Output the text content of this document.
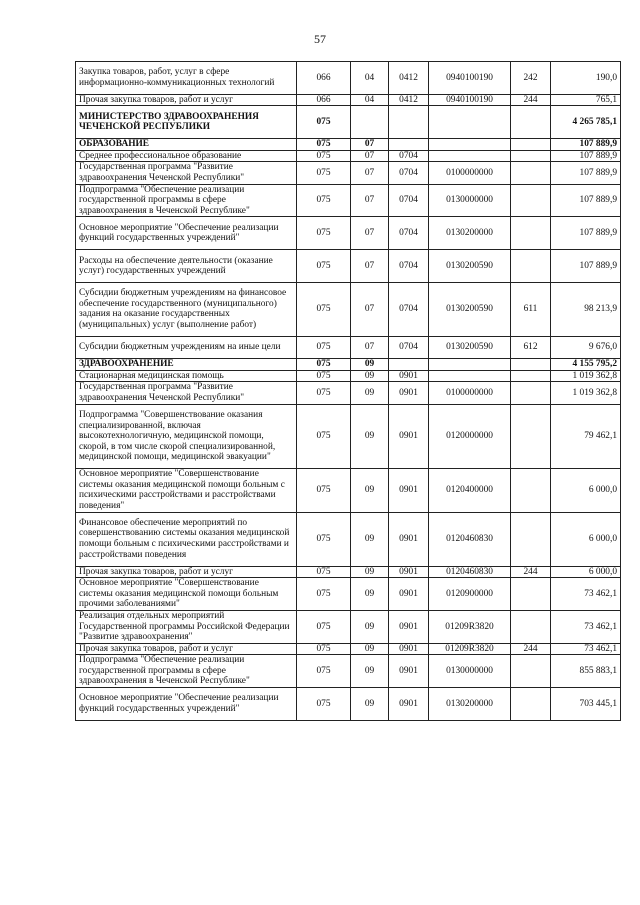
57
Закупка товаров, работ, услуг в сфере информационно-коммуникационных технологий	066	04	0412	0940100190	242	190,0
Прочая закупка товаров, работ и услуг	066	04	0412	0940100190	244	765,1
МИНИСТЕРСТВО ЗДРАВООХРАНЕНИЯ ЧЕЧЕНСКОЙ РЕСПУБЛИКИ	075					4 265 785,1
ОБРАЗОВАНИЕ	075	07				107 889,9
Среднее профессиональное образование	075	07	0704			107 889,9
Государственная программа "Развитие здравоохранения Чеченской Республики"	075	07	0704	0100000000		107 889,9
Подпрограмма "Обеспечение реализации государственной программы в сфере здравоохранения в Чеченской Республике"	075	07	0704	0130000000		107 889,9
Основное мероприятие "Обеспечение реализации функций государственных учреждений"	075	07	0704	0130200000		107 889,9
Расходы на обеспечение деятельности (оказание услуг) государственных учреждений	075	07	0704	0130200590		107 889,9
Субсидии бюджетным учреждениям на финансовое обеспечение государственного (муниципального) задания на оказание государственных (муниципальных) услуг (выполнение работ)	075	07	0704	0130200590	611	98 213,9
Субсидии бюджетным учреждениям на иные цели	075	07	0704	0130200590	612	9 676,0
ЗДРАВООХРАНЕНИЕ	075	09				4 155 795,2
Стационарная медицинская помощь	075	09	0901			1 019 362,8
Государственная программа "Развитие здравоохранения Чеченской Республики"	075	09	0901	0100000000		1 019 362,8
Подпрограмма "Совершенствование оказания специализированной, включая высокотехнологичную, медицинской помощи, скорой, в том числе скорой специализированной, медицинской помощи, медицинской эвакуации"	075	09	0901	0120000000		79 462,1
Основное мероприятие "Совершенствование системы оказания медицинской помощи больным с психическими расстройствами и расстройствами поведения"	075	09	0901	0120400000		6 000,0
Финансовое обеспечение мероприятий по совершенствованию системы оказания медицинской помощи больным с психическими расстройствами и расстройствами поведения	075	09	0901	0120460830		6 000,0
Прочая закупка товаров, работ и услуг	075	09	0901	0120460830	244	6 000,0
Основное мероприятие "Совершенствование системы оказания медицинской помощи больным прочими заболеваниями"	075	09	0901	0120900000		73 462,1
Реализация отдельных мероприятий Государственной программы Российской Федерации "Развитие здравоохранения"	075	09	0901	01209R3820		73 462,1
Прочая закупка товаров, работ и услуг	075	09	0901	01209R3820	244	73 462,1
Подпрограмма "Обеспечение реализации государственной программы в сфере здравоохранения в Чеченской Республике"	075	09	0901	0130000000		855 883,1
Основное мероприятие "Обеспечение реализации функций государственных учреждений"	075	09	0901	0130200000		703 445,1
